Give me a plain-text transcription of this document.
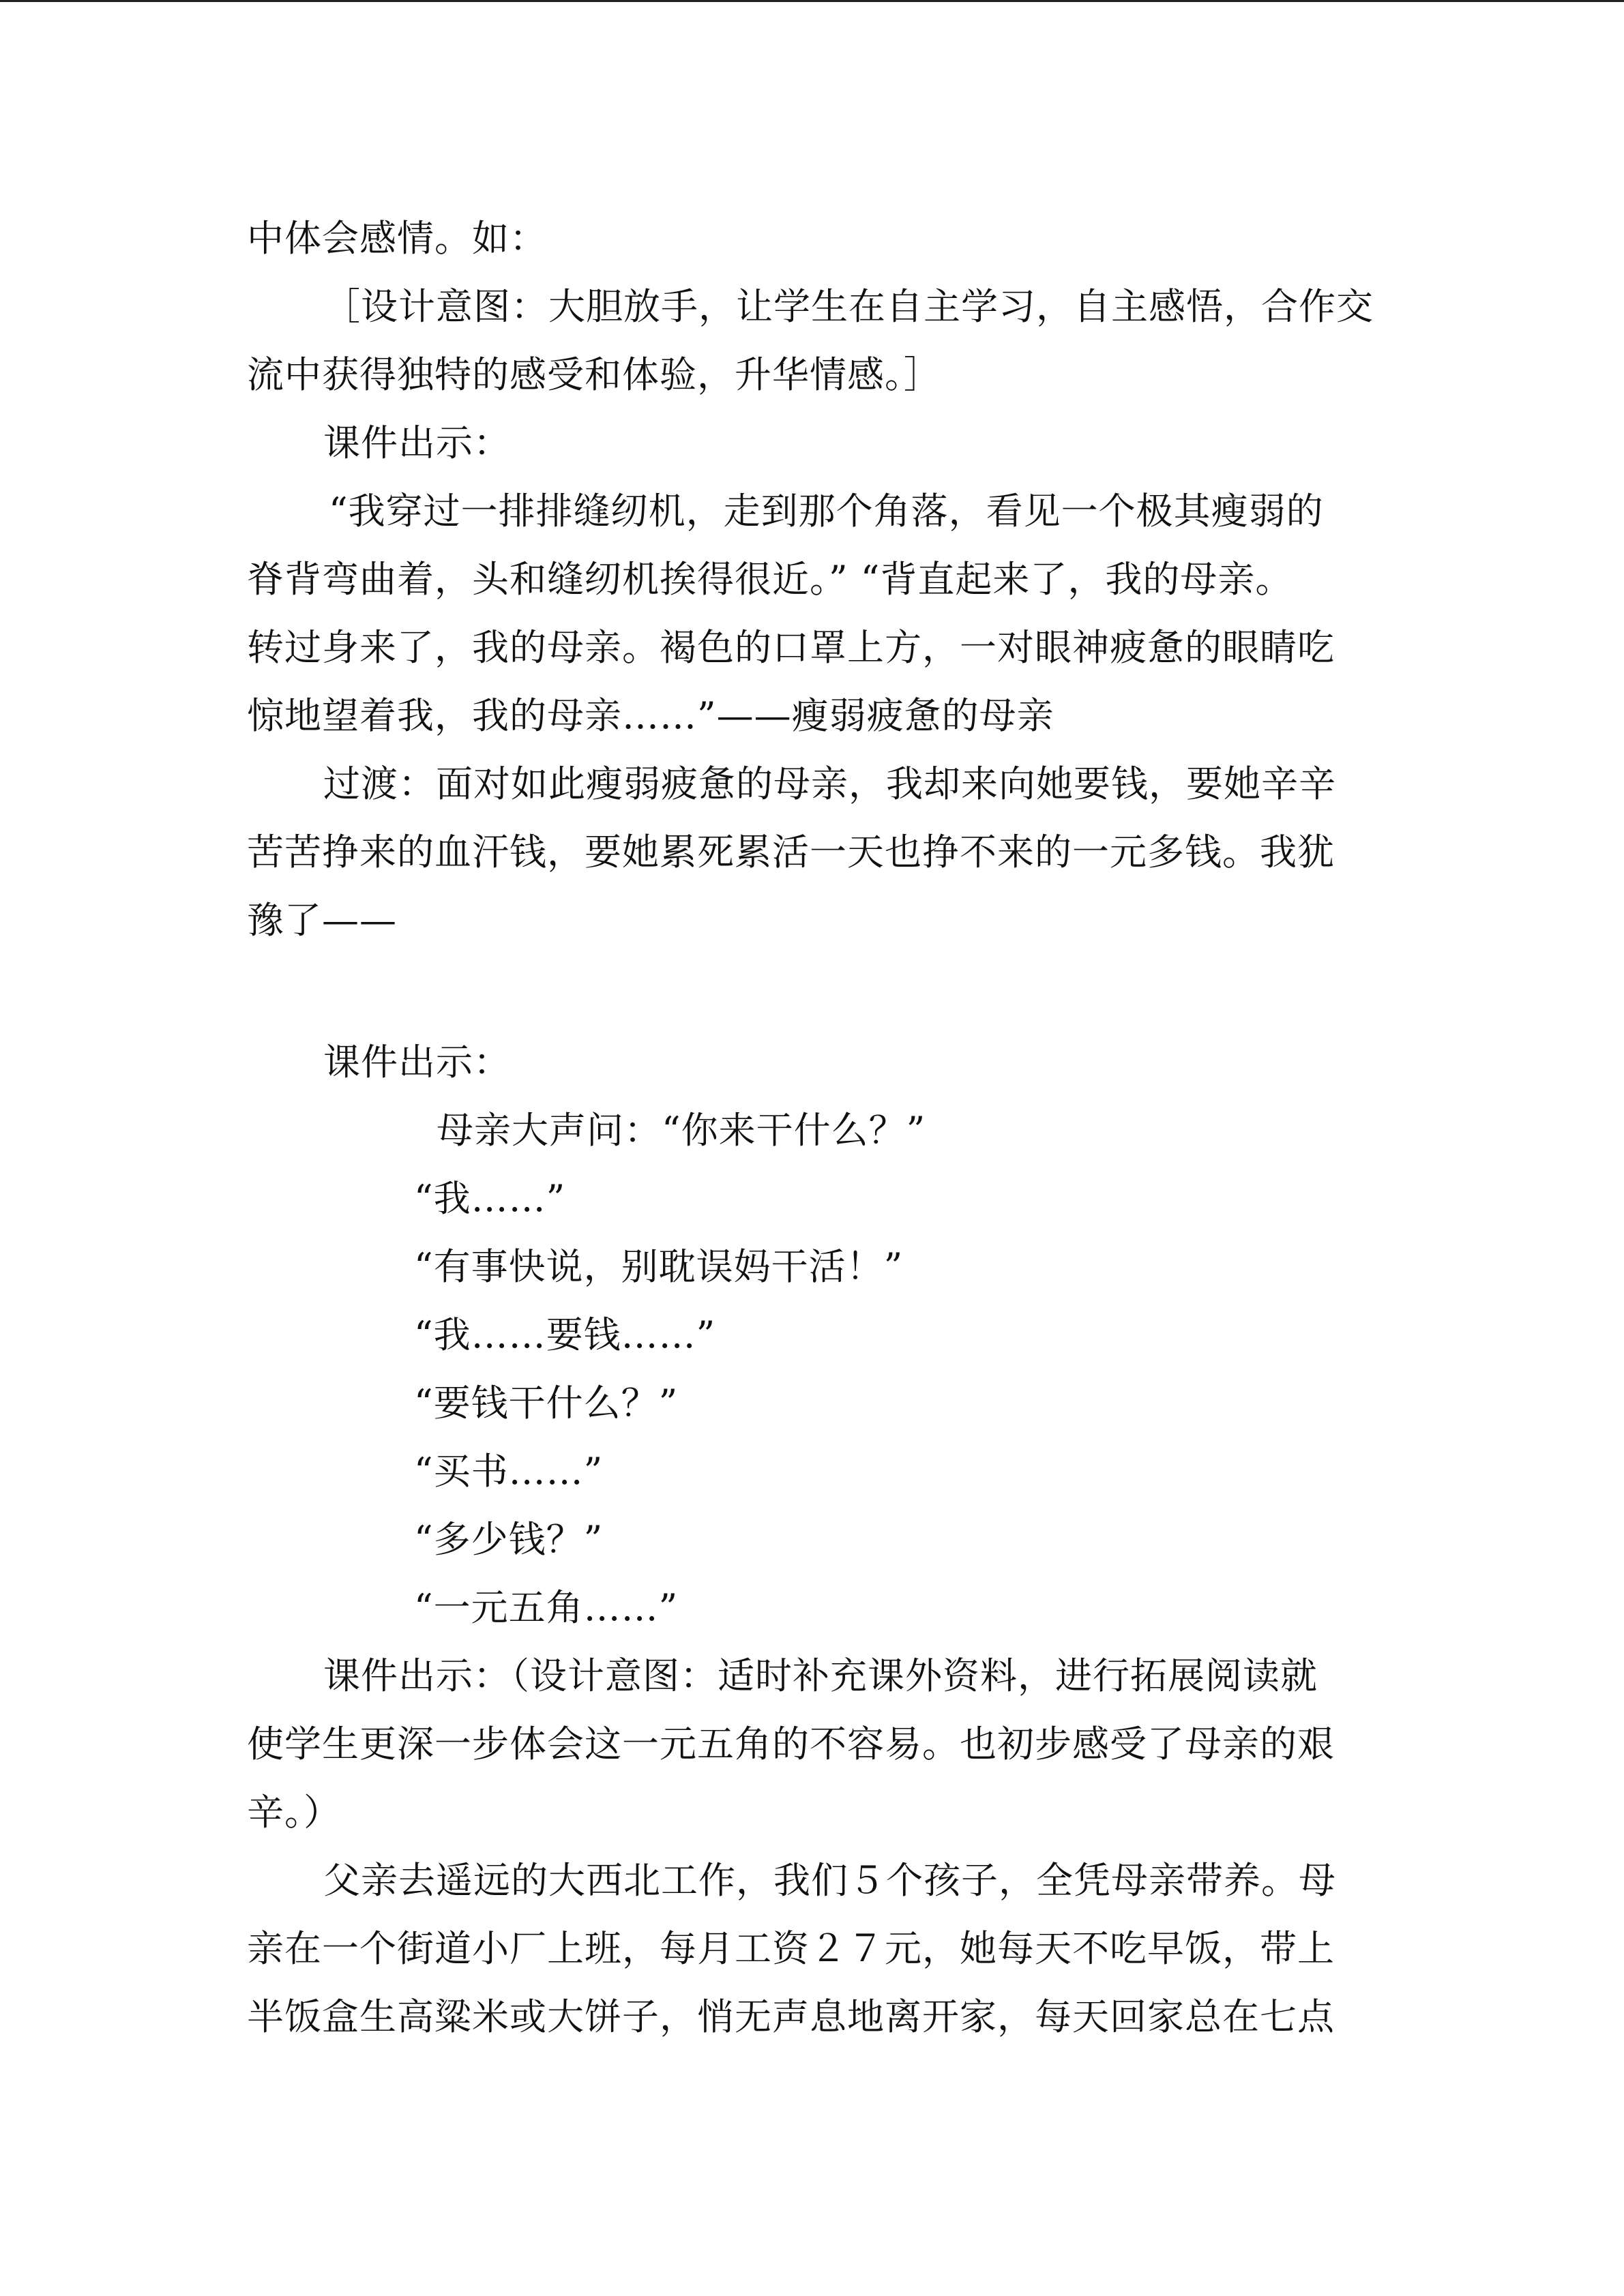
中体会感情。如：
［设计意图：大胆放手，让学生在自主学习，自主感悟，合作交
流中获得独特的感受和体验，升华情感。］
课件出示：
“我穿过一排排缝纫机，走到那个角落，看见一个极其瘦弱的
脊背弯曲着，头和缝纫机挨得很近。” “背直起来了，我的母亲。
转过身来了，我的母亲。褐色的口罩上方，一对眼神疲惫的眼睛吃
惊地望着我，我的母亲……”——瘦弱疲惫的母亲
过渡：面对如此瘦弱疲惫的母亲，我却来向她要钱，要她辛辛
苦苦挣来的血汗钱，要她累死累活一天也挣不来的一元多钱。我犹
豫了——
课件出示：
母亲大声问：“你来干什么？”
“我……”
“有事快说，别耽误妈干活！”
“我……要钱……”
“要钱干什么？”
“买书……”
“多少钱？”
“一元五角……”
课件出示：（设计意图：适时补充课外资料，进行拓展阅读就
使学生更深一步体会这一元五角的不容易。也初步感受了母亲的艰
辛。）
父亲去遥远的大西北工作，我们５个孩子，全凭母亲带养。母
亲在一个街道小厂上班，每月工资２７元，她每天不吃早饭，带上
半饭盒生高粱米或大饼子，悄无声息地离开家，每天回家总在七点
